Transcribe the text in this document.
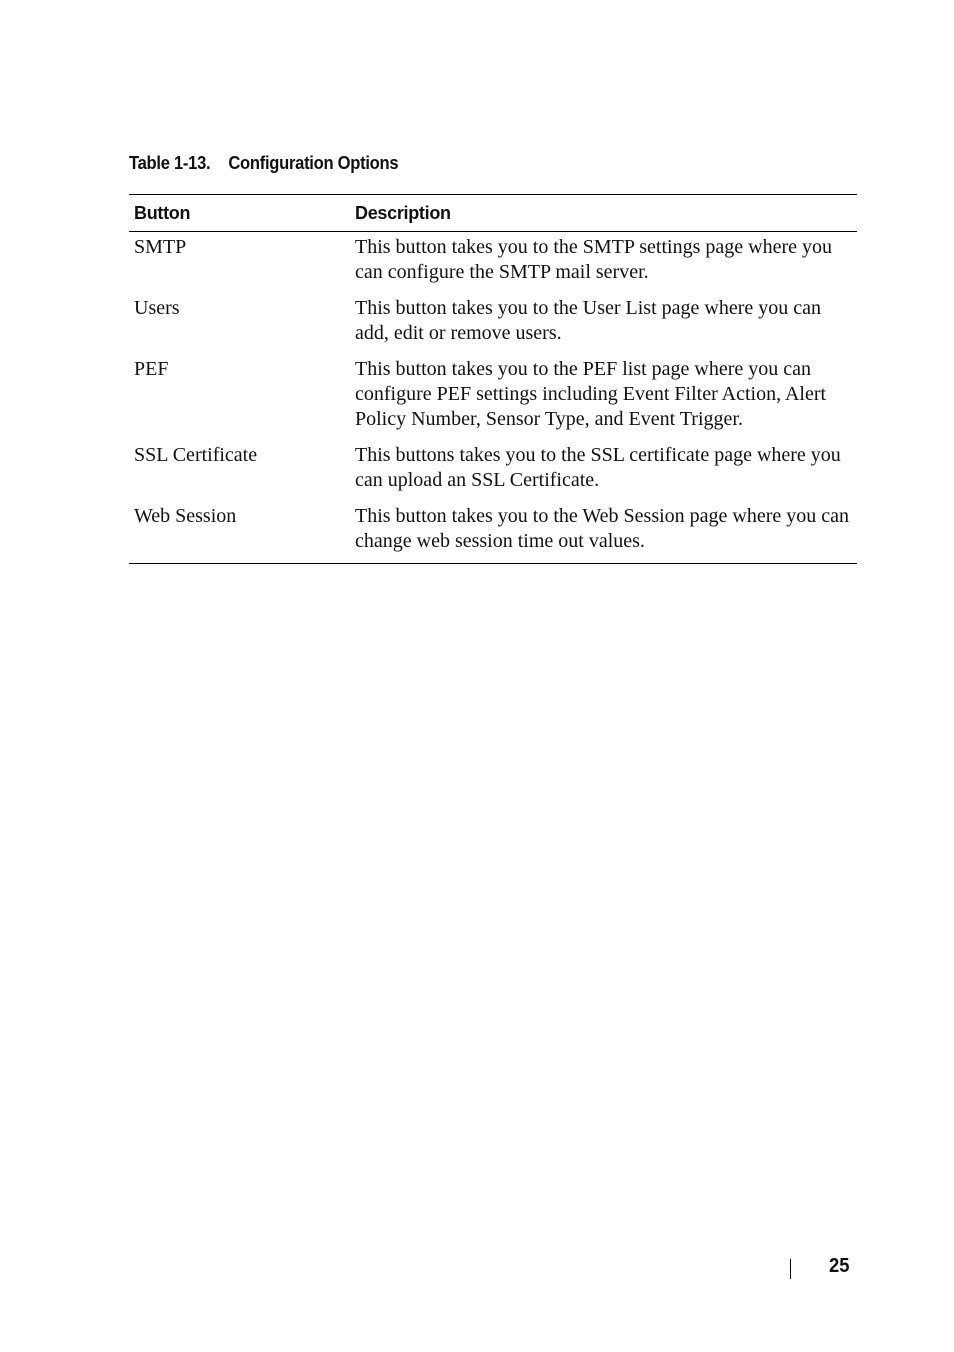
Table 1-13. Configuration Options
Button	Description
SMTP	This button takes you to the SMTP settings page where you can configure the SMTP mail server.
Users	This button takes you to the User List page where you can add, edit or remove users.
PEF	This button takes you to the PEF list page where you can configure PEF settings including Event Filter Action, Alert Policy Number, Sensor Type, and Event Trigger.
SSL Certificate	This buttons takes you to the SSL certificate page where you can upload an SSL Certificate.
Web Session	This button takes you to the Web Session page where you can change web session time out values.
25
